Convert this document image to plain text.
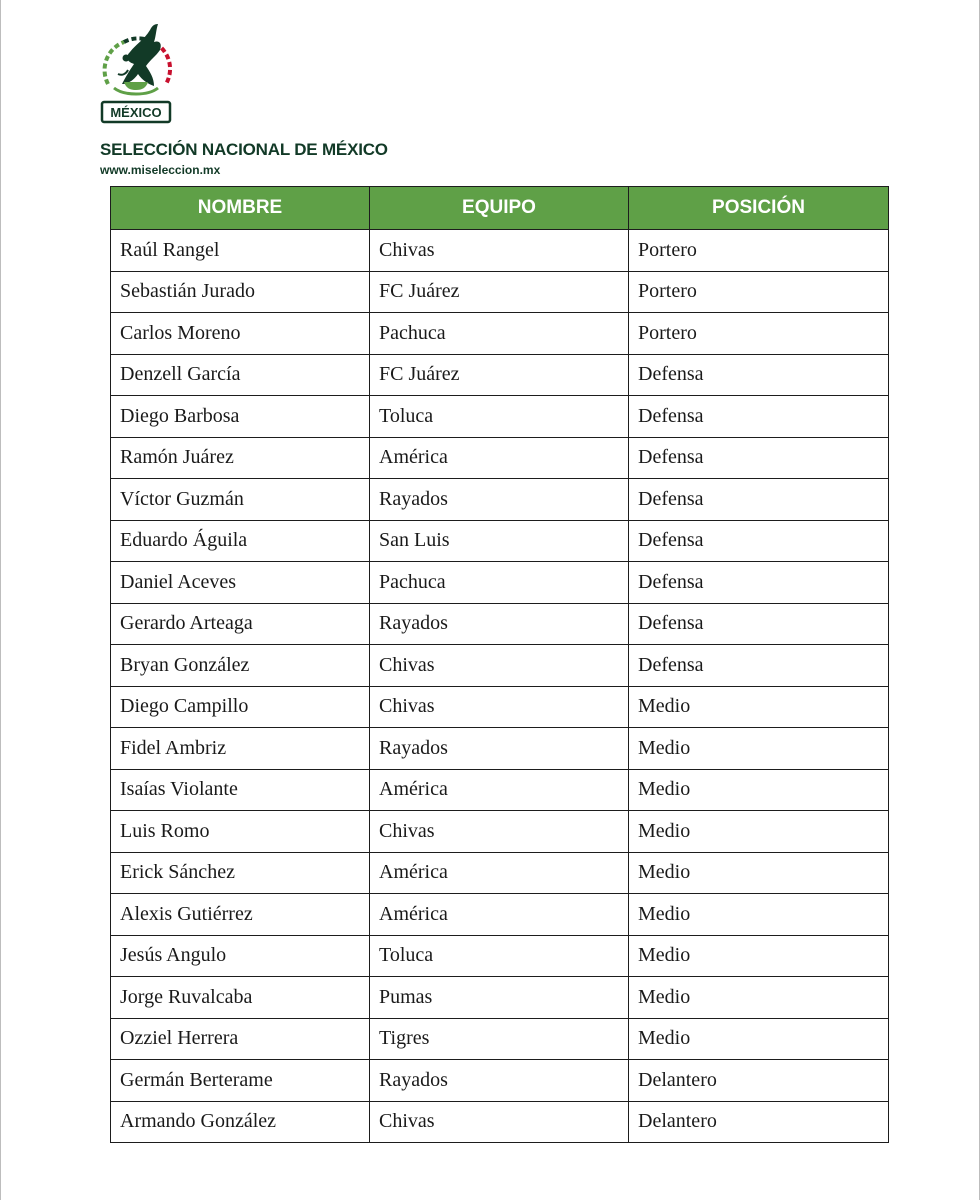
MÉXICO
SELECCIÓN NACIONAL DE MÉXICO
www.miseleccion.mx
NOMBRE	EQUIPO	POSICIÓN
Raúl Rangel	Chivas	Portero
Sebastián Jurado	FC Juárez	Portero
Carlos Moreno	Pachuca	Portero
Denzell García	FC Juárez	Defensa
Diego Barbosa	Toluca	Defensa
Ramón Juárez	América	Defensa
Víctor Guzmán	Rayados	Defensa
Eduardo Águila	San Luis	Defensa
Daniel Aceves	Pachuca	Defensa
Gerardo Arteaga	Rayados	Defensa
Bryan González	Chivas	Defensa
Diego Campillo	Chivas	Medio
Fidel Ambriz	Rayados	Medio
Isaías Violante	América	Medio
Luis Romo	Chivas	Medio
Erick Sánchez	América	Medio
Alexis Gutiérrez	América	Medio
Jesús Angulo	Toluca	Medio
Jorge Ruvalcaba	Pumas	Medio
Ozziel Herrera	Tigres	Medio
Germán Berterame	Rayados	Delantero
Armando González	Chivas	Delantero
